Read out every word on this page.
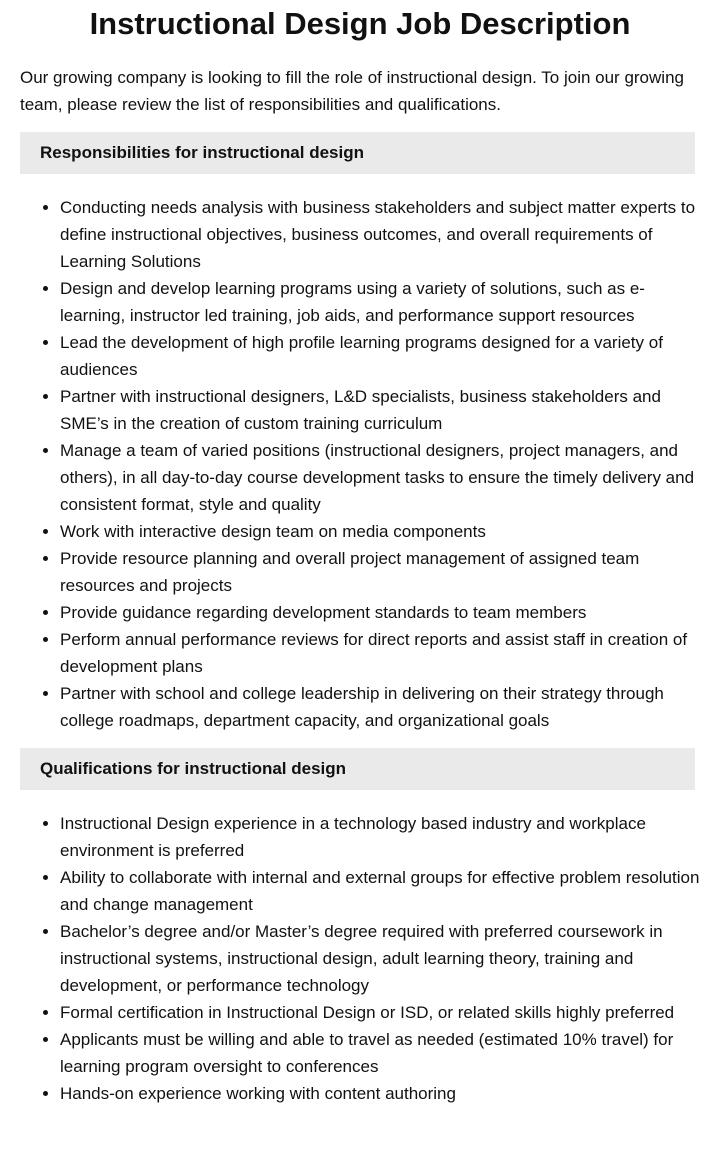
Instructional Design Job Description

Our growing company is looking to fill the role of instructional design. To join our growing team, please review the list of responsibilities and qualifications.

Responsibilities for instructional design
• Conducting needs analysis with business stakeholders and subject matter experts to define instructional objectives, business outcomes, and overall requirements of Learning Solutions
• Design and develop learning programs using a variety of solutions, such as e-learning, instructor led training, job aids, and performance support resources
• Lead the development of high profile learning programs designed for a variety of audiences
• Partner with instructional designers, L&D specialists, business stakeholders and SME’s in the creation of custom training curriculum
• Manage a team of varied positions (instructional designers, project managers, and others), in all day-to-day course development tasks to ensure the timely delivery and consistent format, style and quality
• Work with interactive design team on media components
• Provide resource planning and overall project management of assigned team resources and projects
• Provide guidance regarding development standards to team members
• Perform annual performance reviews for direct reports and assist staff in creation of development plans
• Partner with school and college leadership in delivering on their strategy through college roadmaps, department capacity, and organizational goals
Qualifications for instructional design
• Instructional Design experience in a technology based industry and workplace environment is preferred
• Ability to collaborate with internal and external groups for effective problem resolution and change management
• Bachelor’s degree and/or Master’s degree required with preferred coursework in instructional systems, instructional design, adult learning theory, training and development, or performance technology
• Formal certification in Instructional Design or ISD, or related skills highly preferred
• Applicants must be willing and able to travel as needed (estimated 10% travel) for learning program oversight to conferences
• Hands-on experience working with content authoring
